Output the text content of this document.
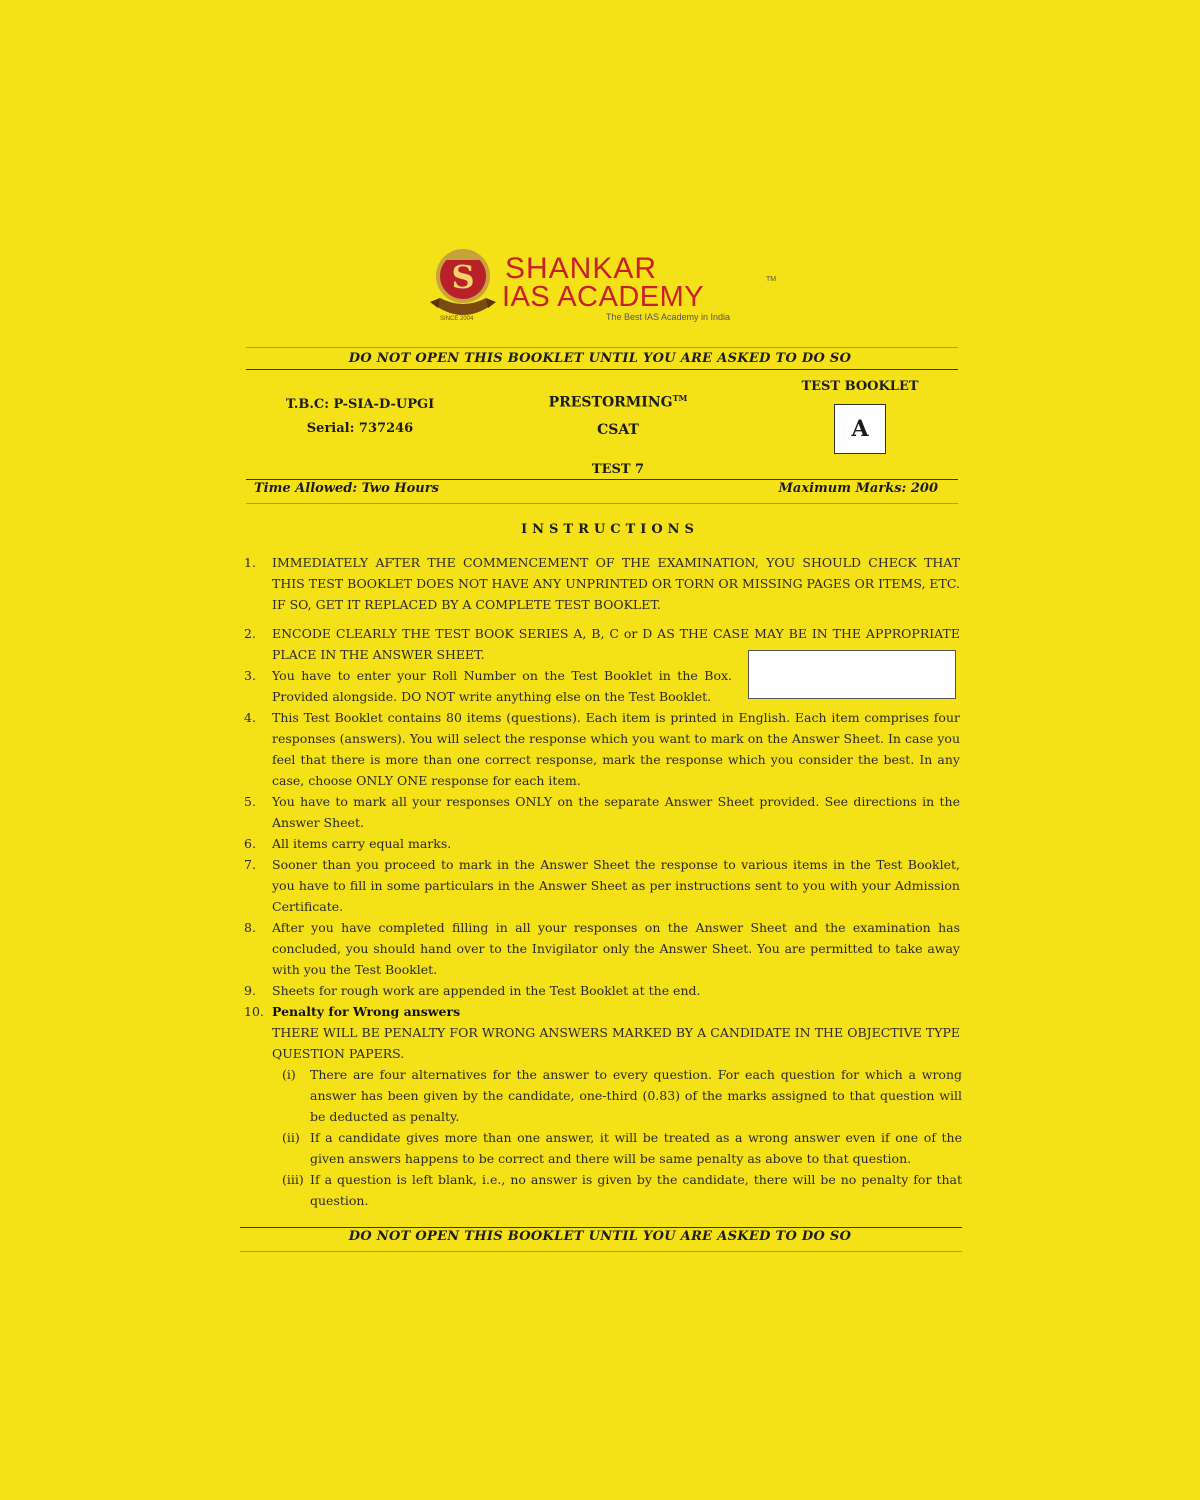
S SHANKAR
IAS ACADEMY
TM
The Best IAS Academy in India
SINCE 2004
DO NOT OPEN THIS BOOKLET UNTIL YOU ARE ASKED TO DO SO
T.B.C: P-SIA-D-UPGI
Serial: 737246
PRESTORMING™
CSAT
TEST 7
TEST BOOKLET
A
Time Allowed: Two Hours	Maximum Marks: 200
INSTRUCTIONS
1.	IMMEDIATELY AFTER THE COMMENCEMENT OF THE EXAMINATION, YOU SHOULD CHECK THAT THIS TEST BOOKLET DOES NOT HAVE ANY UNPRINTED OR TORN OR MISSING PAGES OR ITEMS, ETC. IF SO, GET IT REPLACED BY A COMPLETE TEST BOOKLET.
2.	ENCODE CLEARLY THE TEST BOOK SERIES A, B, C or D AS THE CASE MAY BE IN THE APPROPRIATE PLACE IN THE ANSWER SHEET.
3.	You have to enter your Roll Number on the Test Booklet in the Box. Provided alongside. DO NOT write anything else on the Test Booklet.
4.	This Test Booklet contains 80 items (questions). Each item is printed in English. Each item comprises four responses (answers). You will select the response which you want to mark on the Answer Sheet. In case you feel that there is more than one correct response, mark the response which you consider the best. In any case, choose ONLY ONE response for each item.
5.	You have to mark all your responses ONLY on the separate Answer Sheet provided. See directions in the Answer Sheet.
6.	All items carry equal marks.
7.	Sooner than you proceed to mark in the Answer Sheet the response to various items in the Test Booklet, you have to fill in some particulars in the Answer Sheet as per instructions sent to you with your Admission Certificate.
8.	After you have completed filling in all your responses on the Answer Sheet and the examination has concluded, you should hand over to the Invigilator only the Answer Sheet. You are permitted to take away with you the Test Booklet.
9.	Sheets for rough work are appended in the Test Booklet at the end.
10. Penalty for Wrong answers
THERE WILL BE PENALTY FOR WRONG ANSWERS MARKED BY A CANDIDATE IN THE OBJECTIVE TYPE QUESTION PAPERS.
(i)	There are four alternatives for the answer to every question. For each question for which a wrong answer has been given by the candidate, one-third (0.83) of the marks assigned to that question will be deducted as penalty.
(ii) If a candidate gives more than one answer, it will be treated as a wrong answer even if one of the given answers happens to be correct and there will be same penalty as above to that question.
(iii) If a question is left blank, i.e., no answer is given by the candidate, there will be no penalty for that question.
DO NOT OPEN THIS BOOKLET UNTIL YOU ARE ASKED TO DO SO
